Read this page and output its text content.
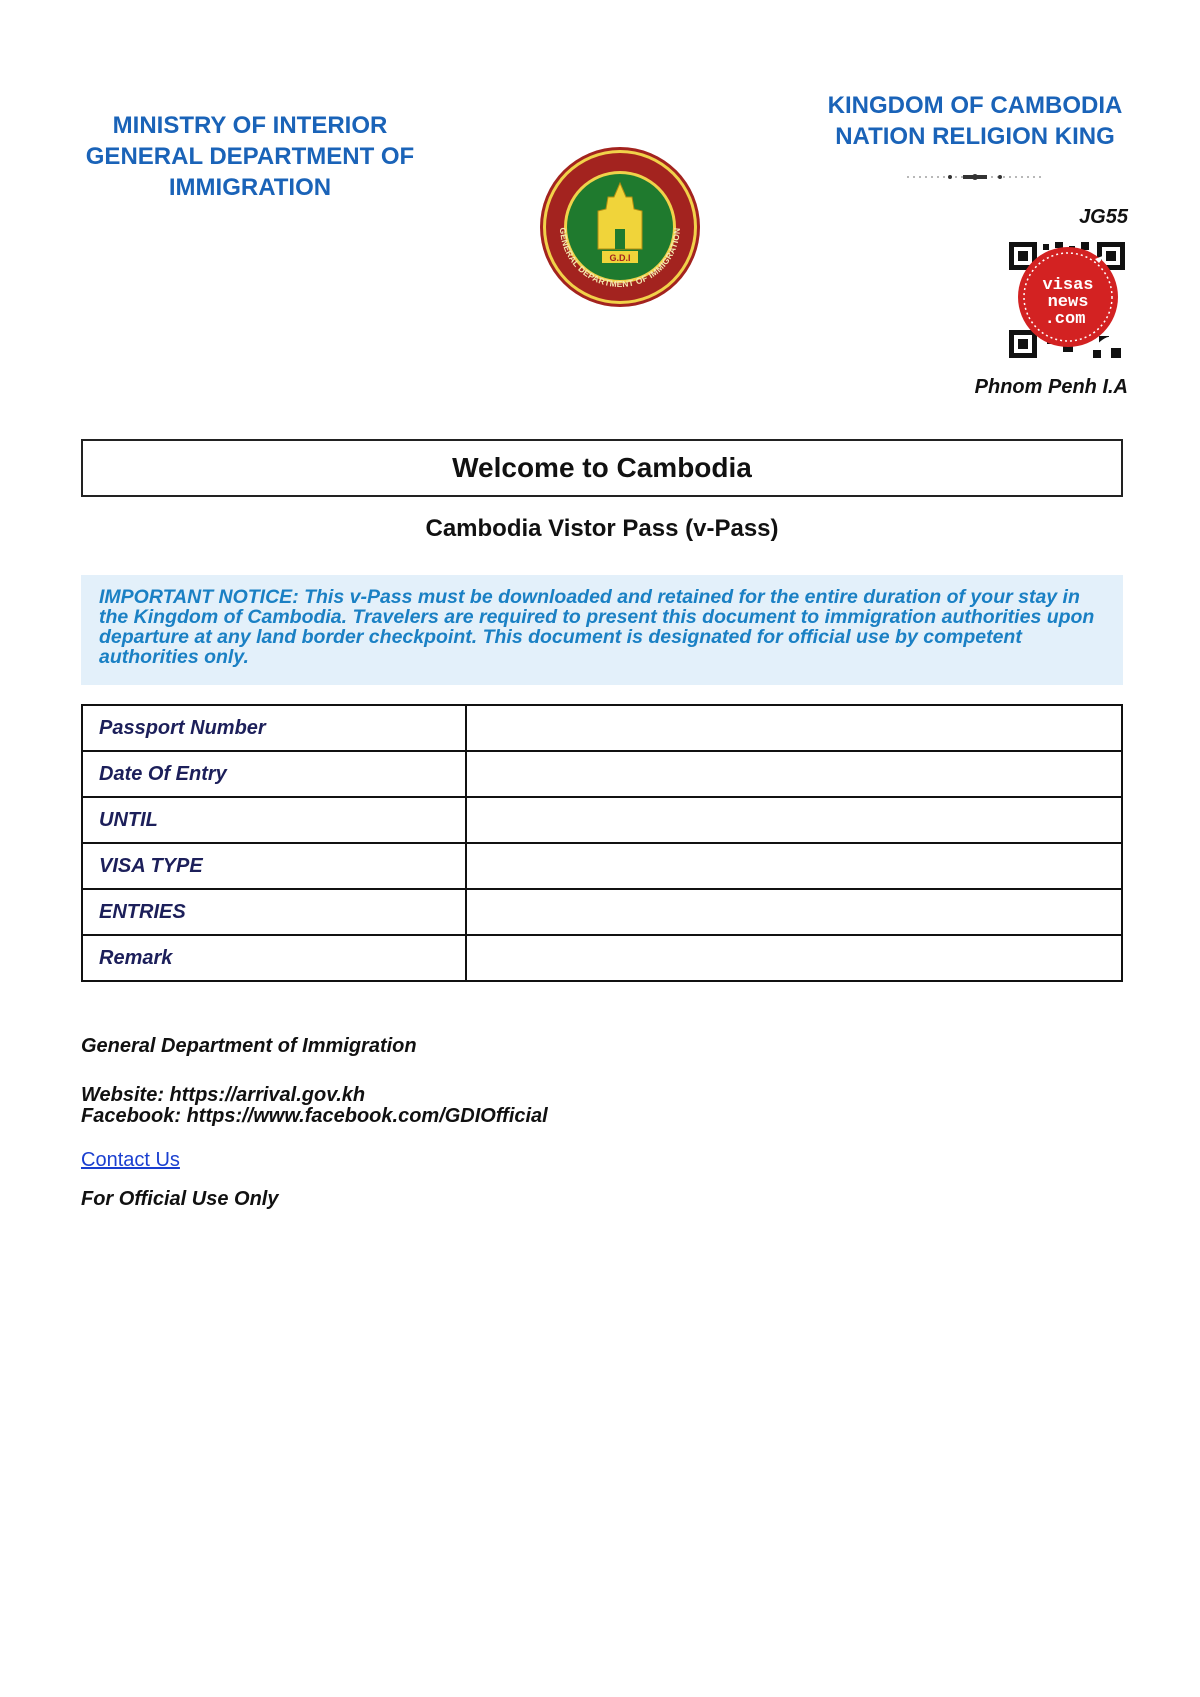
MINISTRY OF INTERIOR
GENERAL DEPARTMENT OF
IMMIGRATION
KINGDOM OF CAMBODIA
NATION RELIGION KING
G.D.I
GENERAL DEPARTMENT OF IMMIGRATION
JG55
visas
news
.com
Phnom Penh I.A
Welcome to Cambodia
Cambodia Vistor Pass (v-Pass)
IMPORTANT NOTICE: This v-Pass must be downloaded and retained for the entire duration of your stay in the Kingdom of Cambodia. Travelers are required to present this document to immigration authorities upon departure at any land border checkpoint. This document is designated for official use by competent authorities only.
Passport Number	
Date Of Entry	
UNTIL	
VISA TYPE	
ENTRIES	
Remark	
General Department of Immigration
Website: https://arrival.gov.kh
Facebook: https://www.facebook.com/GDIOfficial
Contact Us
For Official Use Only
